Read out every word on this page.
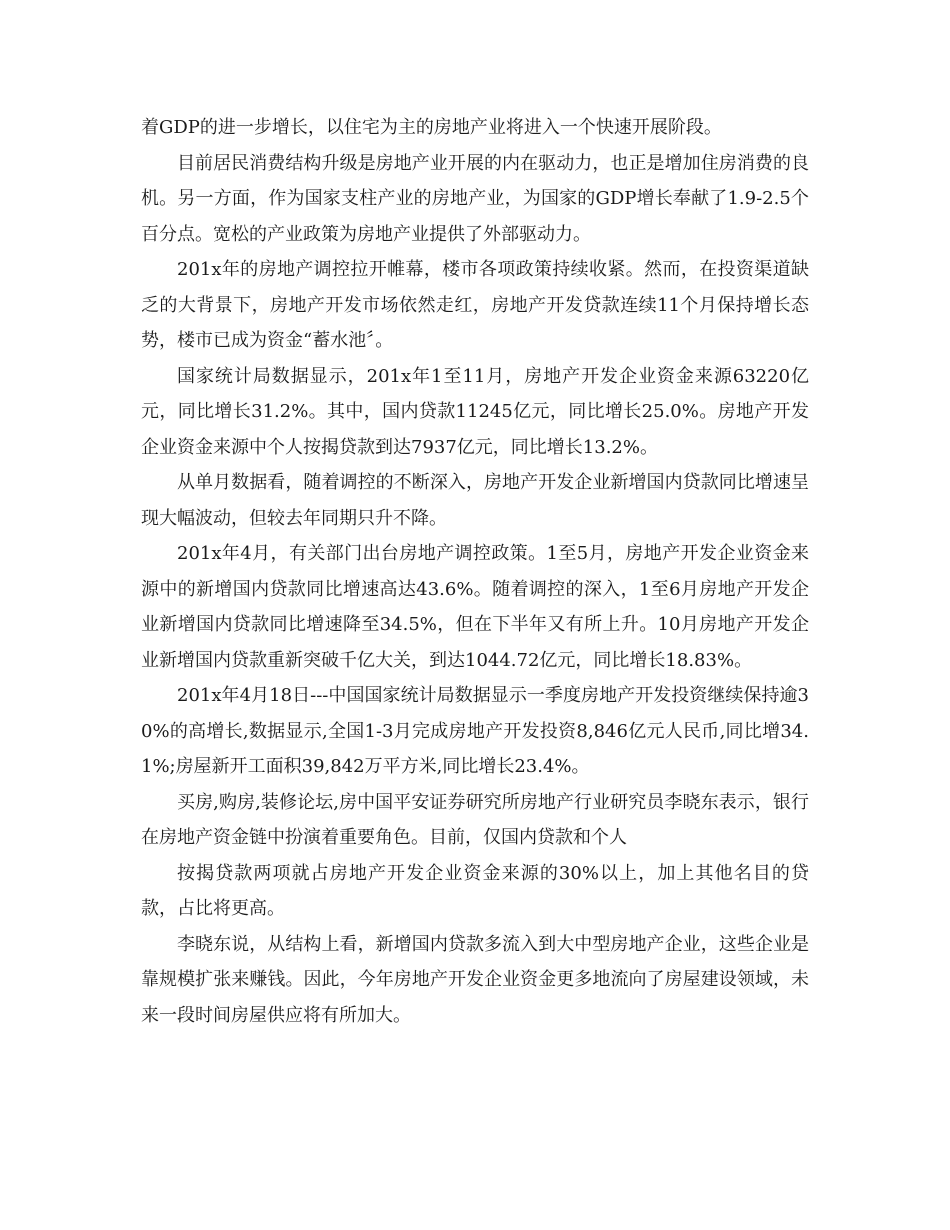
着GDP的进一步增长，以住宅为主的房地产业将进入一个快速开展阶段。

目前居民消费结构升级是房地产业开展的内在驱动力，也正是增加住房消费的良机。另一方面，作为国家支柱产业的房地产业，为国家的GDP增长奉献了1.9-2.5个百分点。宽松的产业政策为房地产业提供了外部驱动力。

201x年的房地产调控拉开帷幕，楼市各项政策持续收紧。然而，在投资渠道缺乏的大背景下，房地产开发市场依然走红，房地产开发贷款连续11个月保持增长态势，楼市已成为资金“蓄水池〞。

国家统计局数据显示，201x年1至11月，房地产开发企业资金来源63220亿元，同比增长31.2%。其中，国内贷款11245亿元，同比增长25.0%。房地产开发企业资金来源中个人按揭贷款到达7937亿元，同比增长13.2%。

从单月数据看，随着调控的不断深入，房地产开发企业新增国内贷款同比增速呈现大幅波动，但较去年同期只升不降。

201x年4月，有关部门出台房地产调控政策。1至5月，房地产开发企业资金来源中的新增国内贷款同比增速高达43.6%。随着调控的深入，1至6月房地产开发企业新增国内贷款同比增速降至34.5%，但在下半年又有所上升。10月房地产开发企业新增国内贷款重新突破千亿大关，到达1044.72亿元，同比增长18.83%。

201x年4月18日---中国国家统计局数据显示一季度房地产开发投资继续保持逾30%的高增长,数据显示,全国1-3月完成房地产开发投资8,846亿元人民币,同比增34.1%;房屋新开工面积39,842万平方米,同比增长23.4%。

买房,购房,装修论坛,房中国平安证券研究所房地产行业研究员李晓东表示，银行在房地产资金链中扮演着重要角色。目前，仅国内贷款和个人

按揭贷款两项就占房地产开发企业资金来源的30%以上，加上其他名目的贷款，占比将更高。

李晓东说，从结构上看，新增国内贷款多流入到大中型房地产企业，这些企业是靠规模扩张来赚钱。因此，今年房地产开发企业资金更多地流向了房屋建设领域，未来一段时间房屋供应将有所加大。
